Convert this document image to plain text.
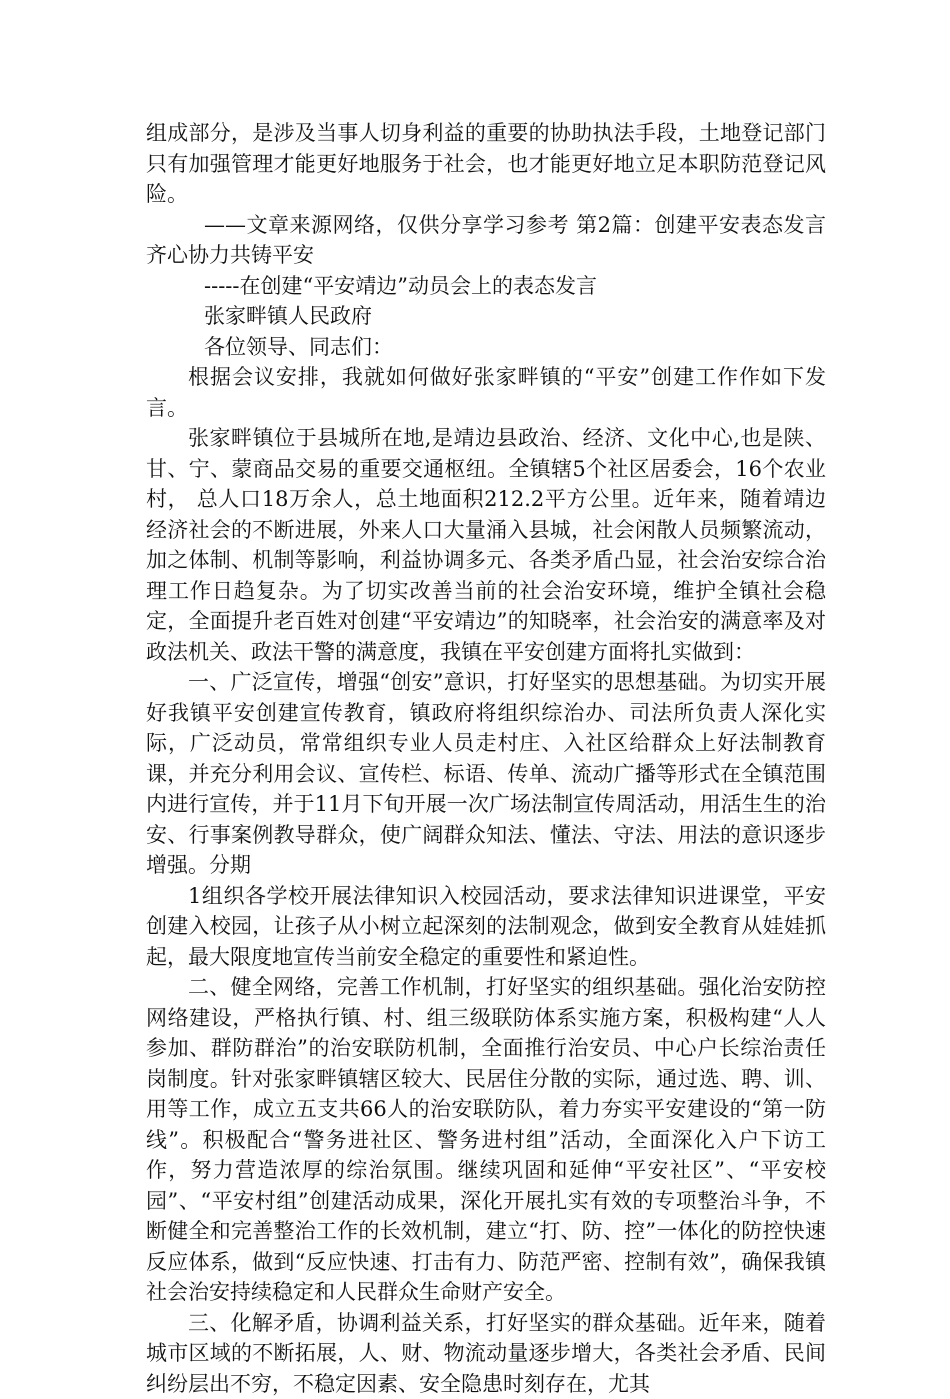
组成部分，是涉及当事人切身利益的重要的协助执法手段，土地登记部门只有加强管理才能更好地服务于社会，也才能更好地立足本职防范登记风险。

——文章来源网络，仅供分享学习参考 第2篇：创建平安表态发言齐心协力共铸平安

-----在创建“平安靖边”动员会上的表态发言

张家畔镇人民政府

各位领导、同志们：

根据会议安排，我就如何做好张家畔镇的“平安”创建工作作如下发言。

张家畔镇位于县城所在地,是靖边县政治、经济、文化中心,也是陕、甘、宁、蒙商品交易的重要交通枢纽。全镇辖5个社区居委会，16个农业村， 总人口18万余人，总土地面积212.2平方公里。近年来，随着靖边经济社会的不断进展，外来人口大量涌入县城，社会闲散人员频繁流动，加之体制、机制等影响，利益协调多元、各类矛盾凸显，社会治安综合治理工作日趋复杂。为了切实改善当前的社会治安环境，维护全镇社会稳定，全面提升老百姓对创建“平安靖边”的知晓率，社会治安的满意率及对政法机关、政法干警的满意度，我镇在平安创建方面将扎实做到：

一、广泛宣传，增强“创安”意识，打好坚实的思想基础。为切实开展好我镇平安创建宣传教育，镇政府将组织综治办、司法所负责人深化实际，广泛动员，常常组织专业人员走村庄、入社区给群众上好法制教育课，并充分利用会议、宣传栏、标语、传单、流动广播等形式在全镇范围内进行宣传，并于11月下旬开展一次广场法制宣传周活动，用活生生的治安、行事案例教导群众，使广阔群众知法、懂法、守法、用法的意识逐步增强。分期

1组织各学校开展法律知识入校园活动，要求法律知识进课堂，平安创建入校园，让孩子从小树立起深刻的法制观念，做到安全教育从娃娃抓起，最大限度地宣传当前安全稳定的重要性和紧迫性。

二、健全网络，完善工作机制，打好坚实的组织基础。强化治安防控网络建设，严格执行镇、村、组三级联防体系实施方案，积极构建“人人参加、群防群治”的治安联防机制，全面推行治安员、中心户长综治责任岗制度。针对张家畔镇辖区较大、民居住分散的实际，通过选、聘、训、用等工作，成立五支共66人的治安联防队，着力夯实平安建设的“第一防线”。积极配合“警务进社区、警务进村组”活动，全面深化入户下访工作，努力营造浓厚的综治氛围。继续巩固和延伸“平安社区”、“平安校园”、“平安村组”创建活动成果，深化开展扎实有效的专项整治斗争，不断健全和完善整治工作的长效机制，建立“打、防、控”一体化的防控快速反应体系，做到“反应快速、打击有力、防范严密、控制有效”，确保我镇社会治安持续稳定和人民群众生命财产安全。

三、化解矛盾，协调利益关系，打好坚实的群众基础。近年来，随着城市区域的不断拓展，人、财、物流动量逐步增大，各类社会矛盾、民间纠纷层出不穷，不稳定因素、安全隐患时刻存在，尤其
